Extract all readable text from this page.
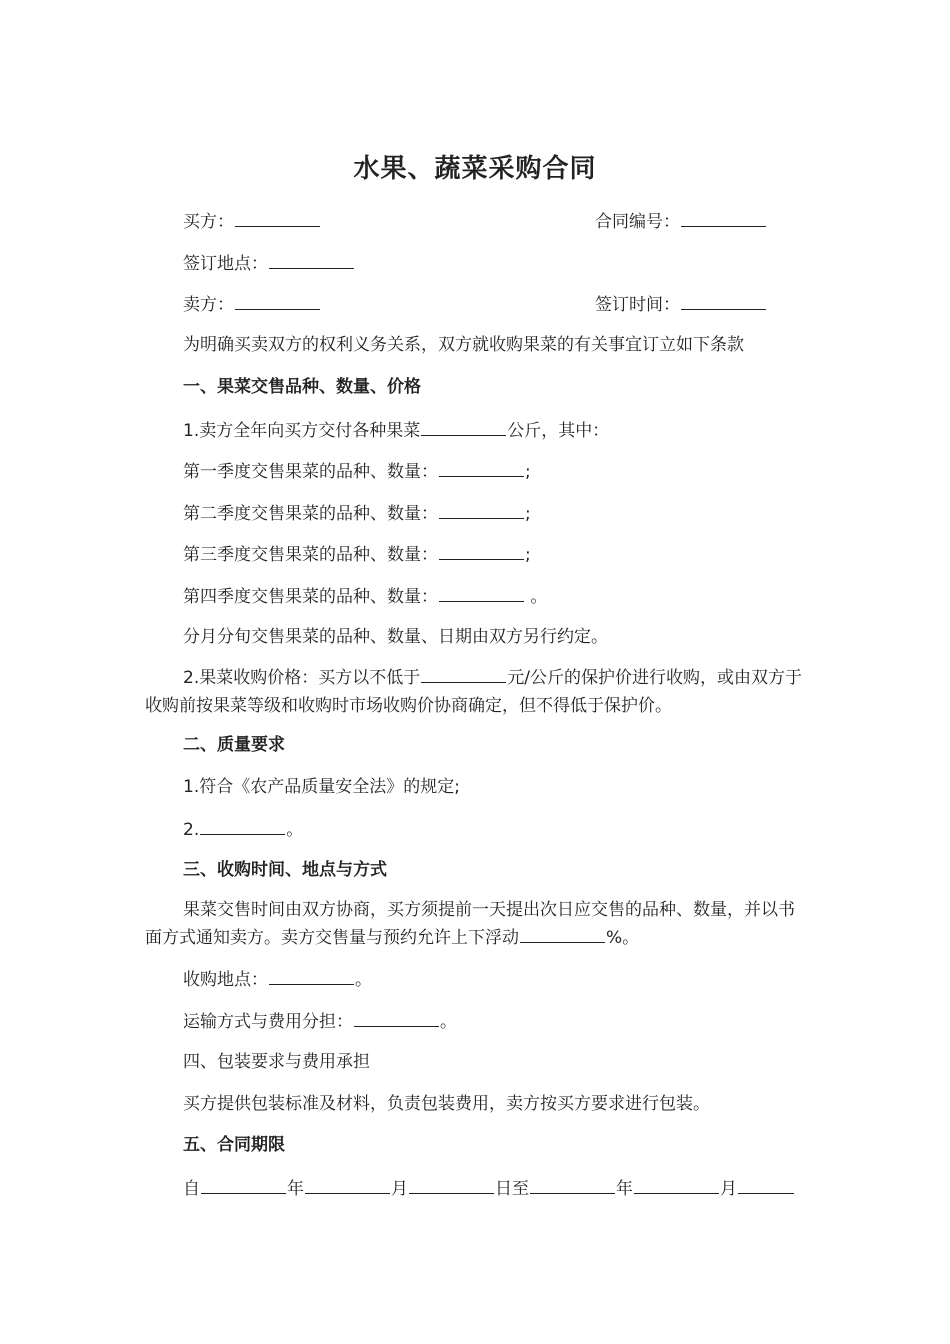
水果、蔬菜采购合同
买方：	合同编号：
签订地点：
卖方：	签订时间：
为明确买卖双方的权利义务关系，双方就收购果菜的有关事宜订立如下条款
一、果菜交售品种、数量、价格
1.卖方全年向买方交付各种果菜	公斤，其中：
第一季度交售果菜的品种、数量：	;
第二季度交售果菜的品种、数量：	;
第三季度交售果菜的品种、数量：	;
第四季度交售果菜的品种、数量：	。
分月分旬交售果菜的品种、数量、日期由双方另行约定。
2.果菜收购价格：买方以不低于	元/公斤的保护价进行收购，或由双方于收购前按果菜等级和收购时市场收购价协商确定，但不得低于保护价。
二、质量要求
1.符合《农产品质量安全法》的规定;
2.	。
三、收购时间、地点与方式
果菜交售时间由双方协商，买方须提前一天提出次日应交售的品种、数量，并以书面方式通知卖方。卖方交售量与预约允许上下浮动	%。
收购地点：	。
运输方式与费用分担：	。
四、包装要求与费用承担
买方提供包装标准及材料，负责包装费用，卖方按买方要求进行包装。
五、合同期限
自	年	月	日至	年	月
